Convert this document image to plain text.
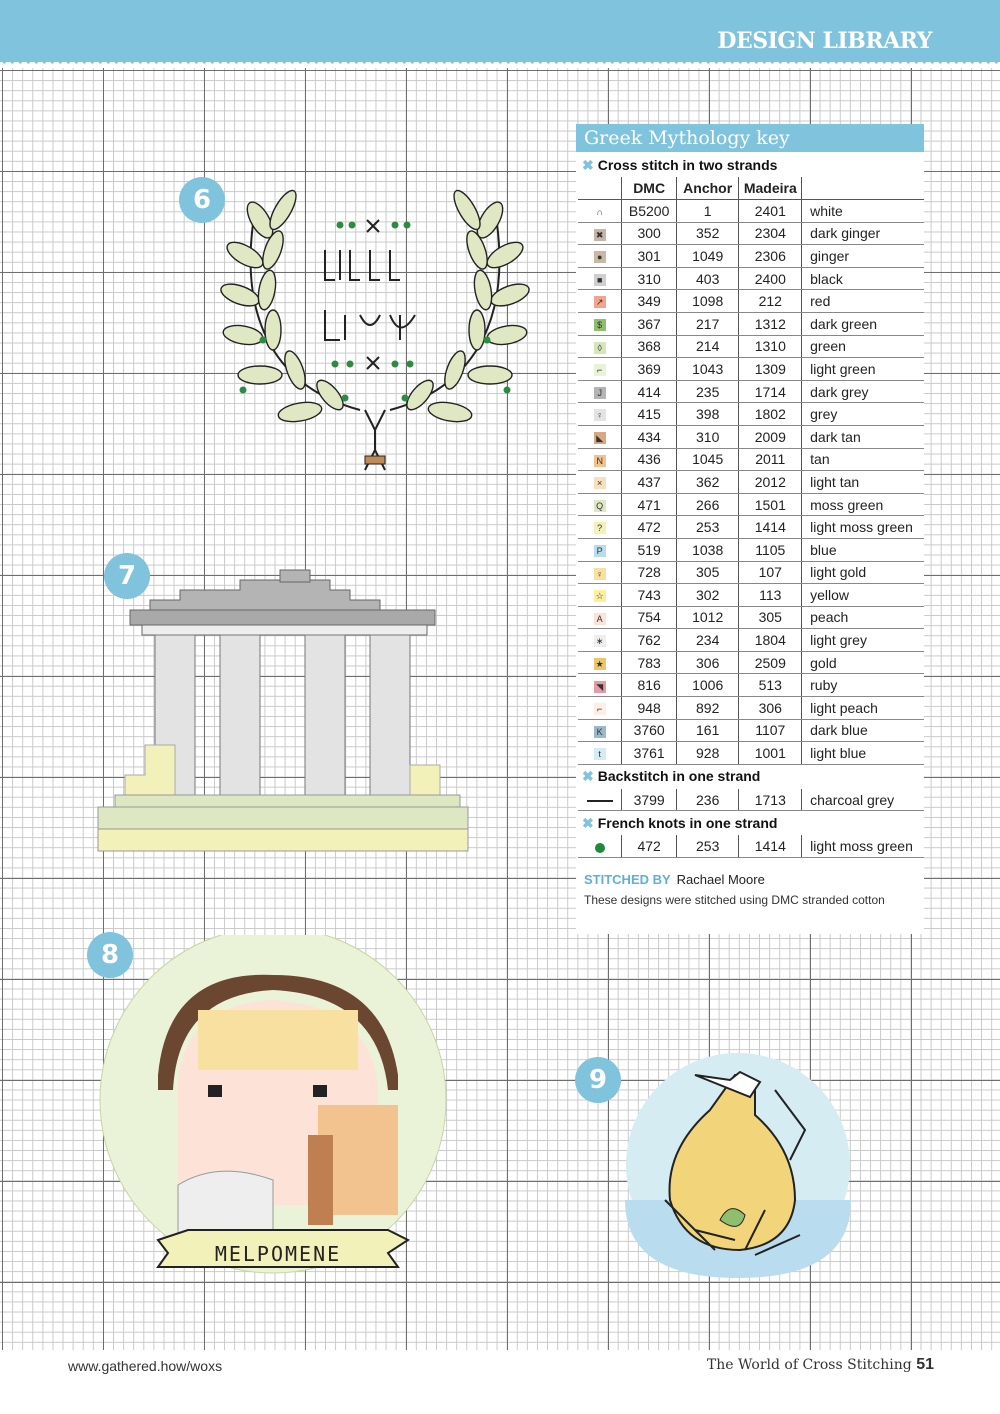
DESIGN LIBRARY
6
7
8
MELPOMENE
9
Greek Mythology key
✖ Cross stitch in two strands
	DMC	Anchor	Madeira	
∩	B5200	1	2401	white
✖	300	352	2304	dark ginger
●	301	1049	2306	ginger
■	310	403	2400	black
↗	349	1098	212	red
$	367	217	1312	dark green
◊	368	214	1310	green
⌐	369	1043	1309	light green
J	414	235	1714	dark grey
♀	415	398	1802	grey
◣	434	310	2009	dark tan
N	436	1045	2011	tan
×	437	362	2012	light tan
Q	471	266	1501	moss green
?	472	253	1414	light moss green
P	519	1038	1105	blue
♀	728	305	107	light gold
☆	743	302	113	yellow
A	754	1012	305	peach
∗	762	234	1804	light grey
★	783	306	2509	gold
◥	816	1006	513	ruby
⌐	948	892	306	light peach
K	3760	161	1107	dark blue
t	3761	928	1001	light blue
✖ Backstitch in one strand				
	3799	236	1713	charcoal grey
✖ French knots in one strand				
	472	253	1414	light moss green
STITCHED BY Rachael Moore
These designs were stitched using DMC stranded cotton
www.gathered.how/woxs	The World of Cross Stitching 51
